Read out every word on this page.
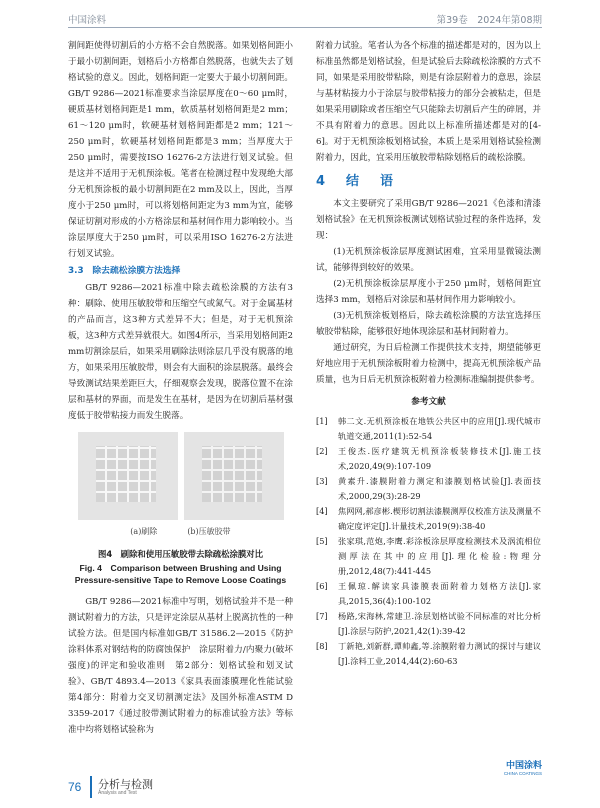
中国涂料	第39卷　2024年第08期

割间距使得切割后的小方格不会自然脱落。如果划格间距小于最小切割间距，划格后小方格都自然脱落，也就失去了划格试验的意义。因此，划格间距一定要大于最小切割间距。GB/T 9286—2021标准要求当涂层厚度在0～60 μm时，硬质基材划格间距是1 mm，软质基材划格间距是2 mm；61～120 μm时，软硬基材划格间距都是2 mm；121～250 μm时，软硬基材划格间距都是3 mm；当厚度大于250 μm时，需要按ISO 16276-2方法进行划叉试验。但是这并不适用于无机预涂板。笔者在检测过程中发现绝大部分无机预涂板的最小切割间距在2 mm及以上，因此，当厚度小于250 μm时，可以将划格间距定为3 mm为宜，能够保证切割对形成的小方格涂层和基材间作用力影响较小。当涂层厚度大于250 μm时，可以采用ISO 16276-2方法进行划叉试验。

3.3　除去疏松涂膜方法选择

GB/T 9286—2021标准中除去疏松涂膜的方法有3种：刷除、使用压敏胶带和压缩空气或氮气。对于金属基材的产品而言，这3种方式差异不大；但是，对于无机预涂板，这3种方式差异就很大。如图4所示，当采用划格间距2 mm切割涂层后，如果采用刷除法则涂层几乎没有脱落的地方，如果采用压敏胶带，则会有大面积的涂层脱落。最终会导致测试结果差距巨大，仔细观察会发现，脱落位置不在涂层和基材的界面，而是发生在基材，是因为在切割后基材强度低于胶带粘接力而发生脱落。

(a)刷除	(b)压敏胶带
图4　刷除和使用压敏胶带去除疏松涂膜对比
Fig. 4　Comparison between Brushing and Using Pressure-sensitive Tape to Remove Loose Coatings

GB/T 9286—2021标准中写明，划格试验并不是一种测试附着力的方法，只是评定涂层从基材上脱离抗性的一种试验方法。但是国内标准如GB/T 31586.2—2015《防护涂料体系对钢结构的防腐蚀保护　涂层附着力/内聚力(破坏强度)的评定和验收准则　第2部分：划格试验和划叉试验》、GB/T 4893.4—2013《家具表面漆膜理化性能试验　第4部分：附着力交叉切割测定法》及国外标准ASTM D 3359-2017《通过胶带测试附着力的标准试验方法》等标准中均将划格试验称为

附着力试验。笔者认为各个标准的描述都是对的，因为以上标准虽然都是划格试验，但是试验后去除疏松涂膜的方式不同，如果是采用胶带粘除，则是有涂层附着力的意思，涂层与基材粘接力小于涂层与胶带粘接力的部分会被粘走，但是如果采用刷除或者压缩空气只能除去切割后产生的碎屑，并不具有附着力的意思。因此以上标准所描述都是对的[4-6]。对于无机预涂板划格试验，本质上是采用划格试验检测附着力，因此，宜采用压敏胶带粘除划格后的疏松涂膜。

4　结　语

本文主要研究了采用GB/T 9286—2021《色漆和清漆　划格试验》在无机预涂板测试划格试验过程的条件选择，发现：

(1)无机预涂板涂层厚度测试困难，宜采用显微镜法测试，能够得到较好的效果。

(2)无机预涂板涂层厚度小于250 μm时，划格间距宜选择3 mm，划格后对涂层和基材间作用力影响较小。

(3)无机预涂板划格后，除去疏松涂膜的方法宜选择压敏胶带粘除，能够很好地体现涂层和基材间附着力。

通过研究，为日后检测工作提供技术支持，期望能够更好地应用于无机预涂板附着力检测中，提高无机预涂板产品质量，也为日后无机预涂板附着力检测标准编制提供参考。

参考文献
[1]	韩二文.无机预涂板在地铁公共区中的应用[J].现代城市轨道交通,2011(1):52-54
[2]	王俊杰.医疗建筑无机预涂板装修技术[J].施工技术,2020,49(9):107-109
[3]	黄素升.漆膜附着力测定和漆膜划格试验[J].表面技术,2000,29(3):28-29
[4]	焦网网,郝彦彬.楔形切割法漆膜测厚仪校准方法及测量不确定度评定[J].计量技术,2019(9):38-40
[5]	张家琪,范炮,李鹰.彩涂板涂层厚度检测技术及涡流相位测厚法在其中的应用[J].理化检验:物理分册,2012,48(7):441-445
[6]	王佩琼.解读家具漆膜表面附着力划格方法[J].家具,2015,36(4):100-102
[7]	杨路,宋海林,常建卫.涂层划格试验不同标准的对比分析[J].涂层与防护,2021,42(1):39-42
[8]	丁新艳,刘新群,谭帅鑫,等.涂膜附着力测试的探讨与建议[J].涂料工业,2014,44(2):60-63
76 分析与检测
Analysis and Test
中国涂料
CHINA COATINGS
